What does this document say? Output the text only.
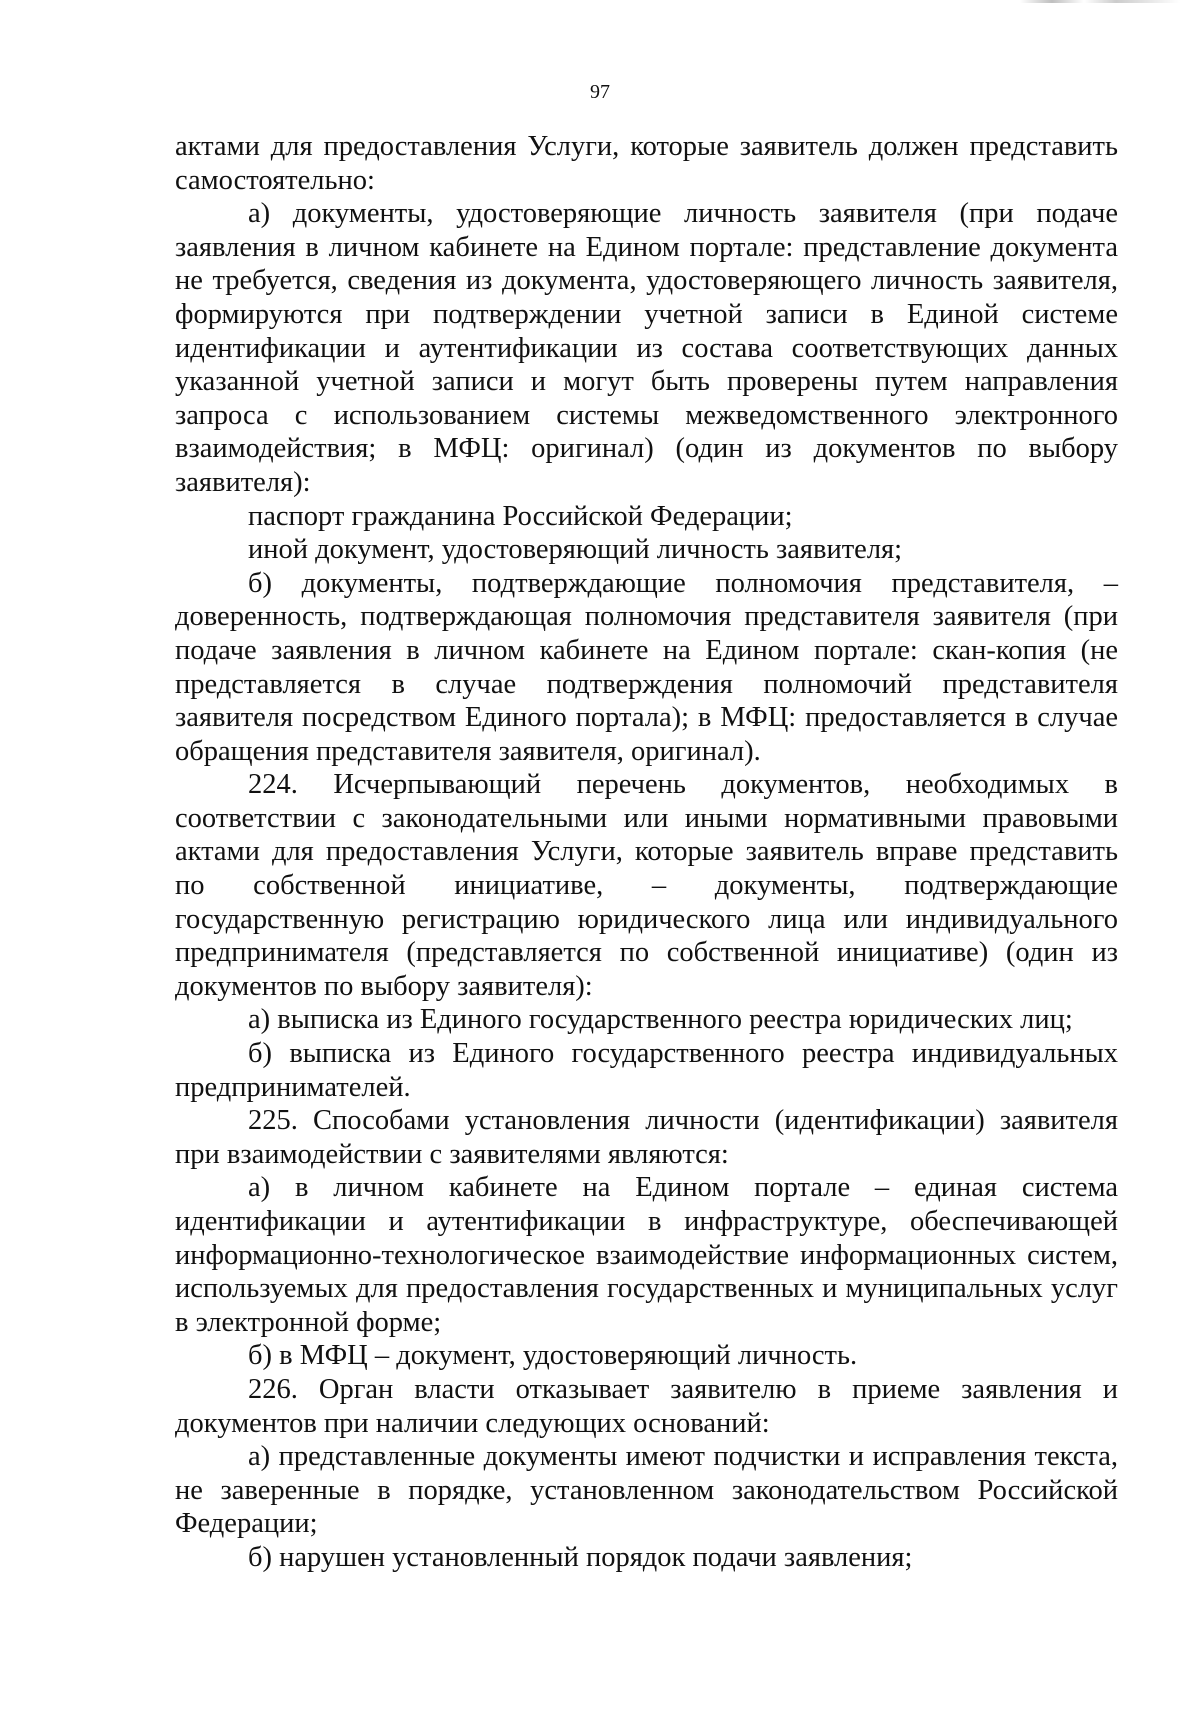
97

актами для предоставления Услуги, которые заявитель должен представить самостоятельно:

а) документы, удостоверяющие личность заявителя (при подаче заявления в личном кабинете на Едином портале: представление документа не требуется, сведения из документа, удостоверяющего личность заявителя, формируются при подтверждении учетной записи в Единой системе идентификации и аутентификации из состава соответствующих данных указанной учетной записи и могут быть проверены путем направления запроса с использованием системы межведомственного электронного взаимодействия; в МФЦ: оригинал) (один из документов по выбору заявителя):

паспорт гражданина Российской Федерации;

иной документ, удостоверяющий личность заявителя;

б) документы, подтверждающие полномочия представителя, – доверенность, подтверждающая полномочия представителя заявителя (при подаче заявления в личном кабинете на Едином портале: скан-копия (не представляется в случае подтверждения полномочий представителя заявителя посредством Единого портала); в МФЦ: предоставляется в случае обращения представителя заявителя, оригинал).

224. Исчерпывающий перечень документов, необходимых в соответствии с законодательными или иными нормативными правовыми актами для предоставления Услуги, которые заявитель вправе представить по собственной инициативе, – документы, подтверждающие государственную регистрацию юридического лица или индивидуального предпринимателя (представляется по собственной инициативе) (один из документов по выбору заявителя):

а) выписка из Единого государственного реестра юридических лиц;

б) выписка из Единого государственного реестра индивидуальных предпринимателей.

225. Способами установления личности (идентификации) заявителя при взаимодействии с заявителями являются:

а) в личном кабинете на Едином портале – единая система идентификации и аутентификации в инфраструктуре, обеспечивающей информационно-технологическое взаимодействие информационных систем, используемых для предоставления государственных и муниципальных услуг в электронной форме;

б) в МФЦ – документ, удостоверяющий личность.

226. Орган власти отказывает заявителю в приеме заявления и документов при наличии следующих оснований:

а) представленные документы имеют подчистки и исправления текста, не заверенные в порядке, установленном законодательством Российской Федерации;

б) нарушен установленный порядок подачи заявления;
